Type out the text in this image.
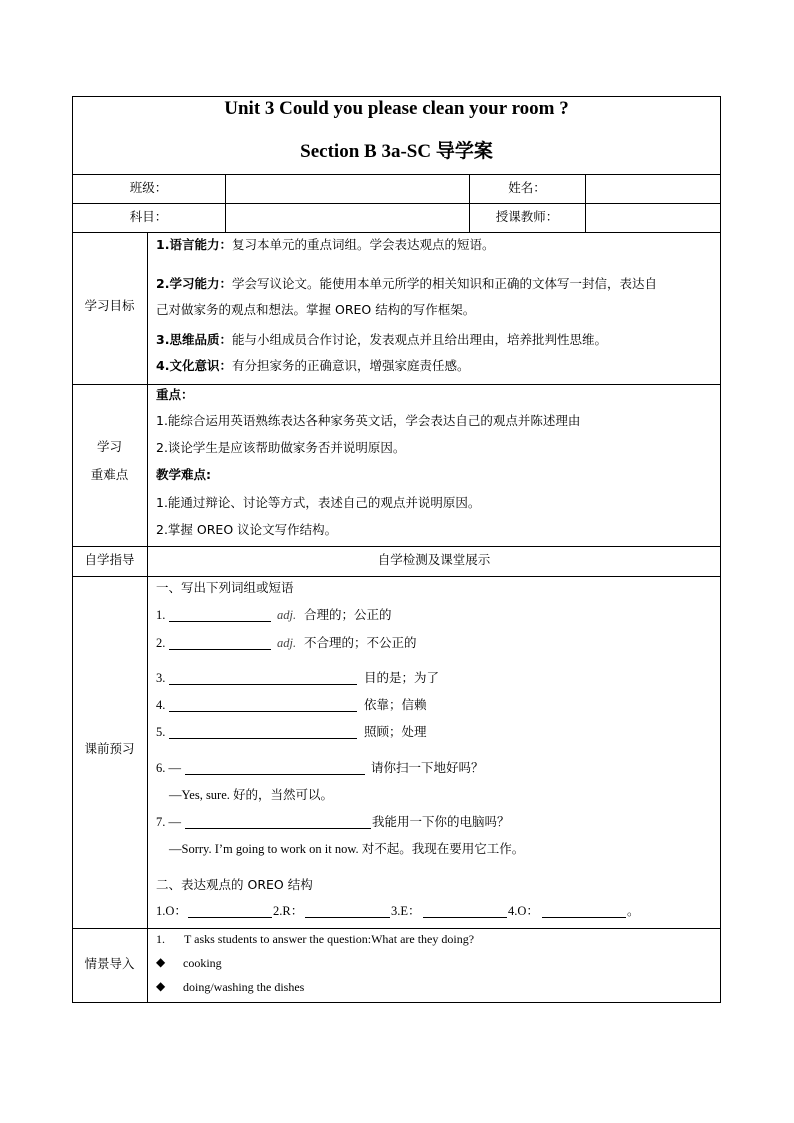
Unit 3 Could you please clean your room ?
Section B 3a-SC 导学案
班级：	姓名：
科目：	授课教师：
学习目标
1.语言能力：复习本单元的重点词组。学会表达观点的短语。
2.学习能力：学会写议论文。能使用本单元所学的相关知识和正确的文体写一封信，表达自
己对做家务的观点和想法。掌握 OREO 结构的写作框架。
3.思维品质：能与小组成员合作讨论，发表观点并且给出理由，培养批判性思维。
4.文化意识：有分担家务的正确意识，增强家庭责任感。
学习
重难点
重点：
1.能综合运用英语熟练表达各种家务英文话，学会表达自己的观点并陈述理由
2.谈论学生是应该帮助做家务否并说明原因。
教学难点:
1.能通过辩论、讨论等方式，表述自己的观点并说明原因。
2.掌握 OREO 议论文写作结构。
自学指导	自学检测及课堂展示
课前预习
一、写出下列词组或短语
1.	adj. 合理的；公正的
2.	adj. 不合理的；不公正的
3.	目的是；为了
4.	依靠；信赖
5.	照顾；处理
6. —	请你扫一下地好吗？
—Yes, sure. 好的，当然可以。
7. —	我能用一下你的电脑吗？
—Sorry. I’m going to work on it now. 对不起。我现在要用它工作。
二、表达观点的 OREO 结构
1.O：	2.R：	3.E：	4.O：	。
情景导入
1. T asks students to answer the question:What are they doing?
◆ cooking
◆ doing/washing the dishes
